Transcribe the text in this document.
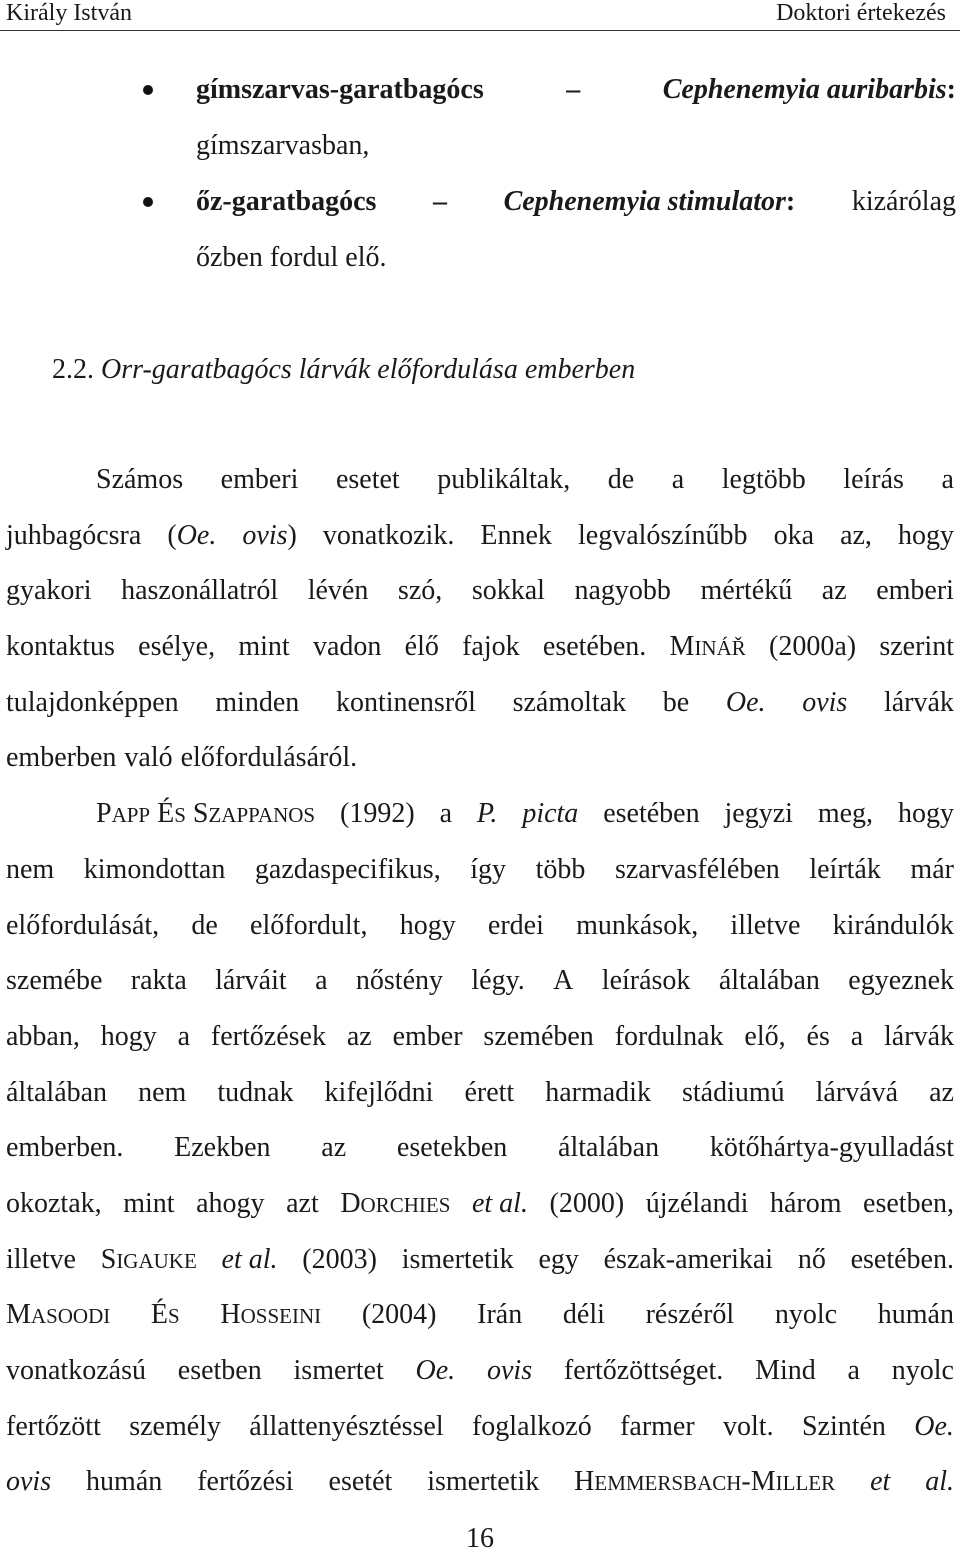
Király István	Doktori értekezés
gímszarvas-garatbagócs	–	Cephenemyia auribarbis:
gímszarvasban,
őz-garatbagócs – Cephenemyia stimulator: kizárólag
őzben fordul elő.
2.2. Orr-garatbagócs lárvák előfordulása emberben
Számos emberi esetet publikáltak, de a legtöbb leírás a
juhbagócsra (Oe. ovis) vonatkozik. Ennek legvalószínűbb oka az, hogy
gyakori haszonállatról lévén szó, sokkal nagyobb mértékű az emberi
kontaktus esélye, mint vadon élő fajok esetében. MINÁŘ (2000a) szerint
tulajdonképpen minden kontinensről számoltak be Oe. ovis lárvák
emberben való előfordulásáról.
PAPP ÉS SZAPPANOS (1992) a P. picta esetében jegyzi meg, hogy
nem kimondottan gazdaspecifikus, így több szarvasfélében leírták már
előfordulását, de előfordult, hogy erdei munkások, illetve kirándulók
szemébe rakta lárváit a nőstény légy. A leírások általában egyeznek
abban, hogy a fertőzések az ember szemében fordulnak elő, és a lárvák
általában nem tudnak kifejlődni érett harmadik stádiumú lárvává az
emberben. Ezekben az esetekben általában kötőhártya-gyulladást
okoztak, mint ahogy azt DORCHIES et al. (2000) újzélandi három esetben,
illetve SIGAUKE et al. (2003) ismertetik egy észak-amerikai nő esetében.
MASOODI ÉS HOSSEINI (2004) Irán déli részéről nyolc humán
vonatkozású esetben ismertet Oe. ovis fertőzöttséget. Mind a nyolc
fertőzött személy állattenyésztéssel foglalkozó farmer volt. Szintén Oe.
ovis humán fertőzési esetét ismertetik HEMMERSBACH-MILLER et al.
16
